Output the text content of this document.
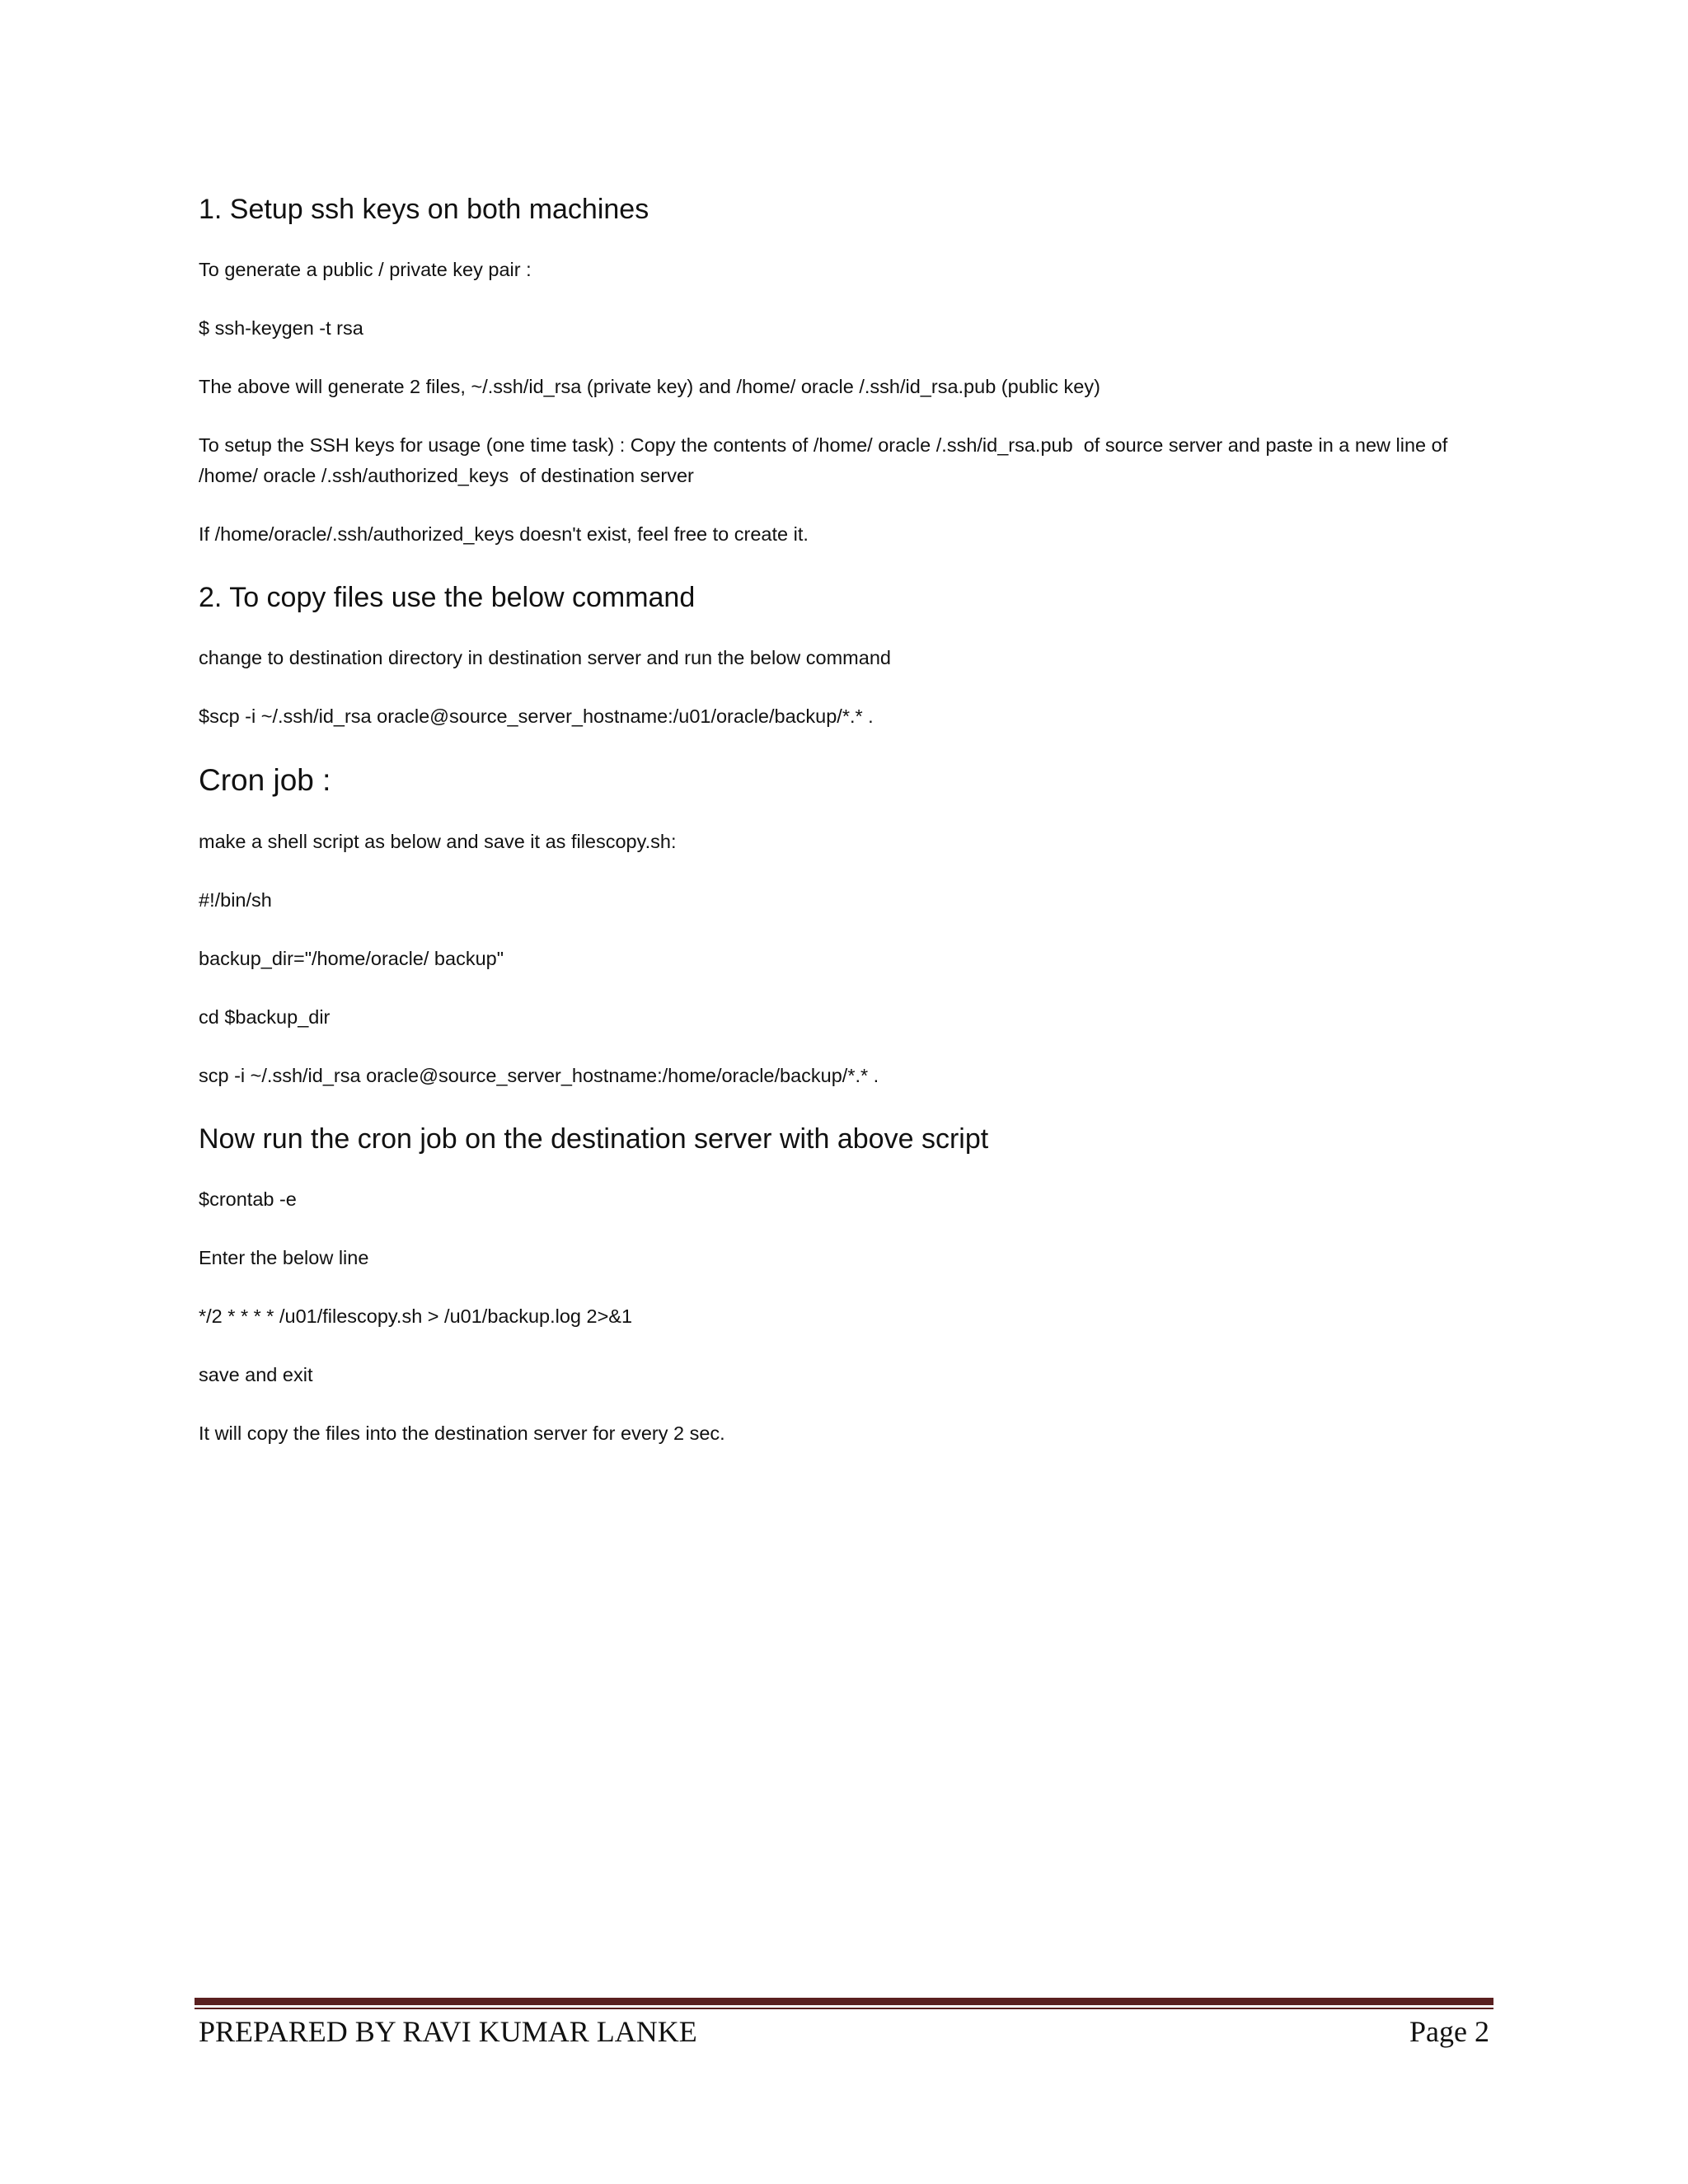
1. Setup ssh keys on both machines

To generate a public / private key pair :

$ ssh-keygen -t rsa

The above will generate 2 files, ~/.ssh/id_rsa (private key) and /home/ oracle /.ssh/id_rsa.pub (public key)

To setup the SSH keys for usage (one time task) : Copy the contents of /home/ oracle /.ssh/id_rsa.pub  of source server and paste in a new line of /home/ oracle /.ssh/authorized_keys  of destination server

If /home/oracle/.ssh/authorized_keys doesn't exist, feel free to create it.

2. To copy files use the below command

change to destination directory in destination server and run the below command

$scp -i ~/.ssh/id_rsa oracle@source_server_hostname:/u01/oracle/backup/*.* .

Cron job :

make a shell script as below and save it as filescopy.sh:

#!/bin/sh

backup_dir="/home/oracle/ backup"

cd $backup_dir

scp -i ~/.ssh/id_rsa oracle@source_server_hostname:/home/oracle/backup/*.* .

Now run the cron job on the destination server with above script

$crontab -e

Enter the below line

*/2 * * * * /u01/filescopy.sh > /u01/backup.log 2>&1

save and exit

It will copy the files into the destination server for every 2 sec.

PREPARED BY RAVI KUMAR LANKE	Page 2
